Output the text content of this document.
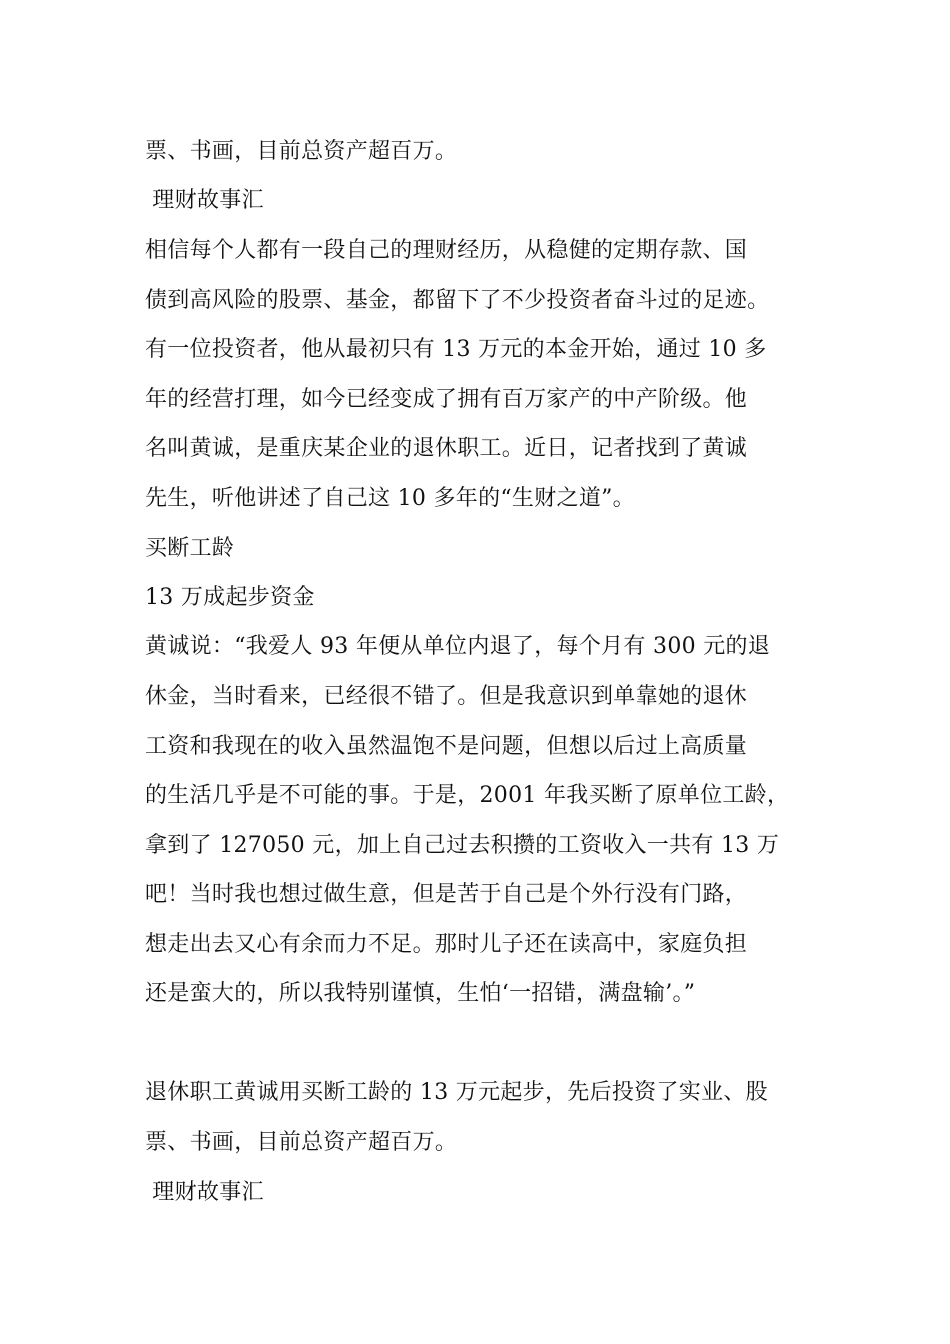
票、书画，目前总资产超百万。
理财故事汇
相信每个人都有一段自己的理财经历，从稳健的定期存款、国
债到高风险的股票、基金，都留下了不少投资者奋斗过的足迹。
有一位投资者，他从最初只有 13 万元的本金开始，通过 10 多
年的经营打理，如今已经变成了拥有百万家产的中产阶级。他
名叫黄诚，是重庆某企业的退休职工。近日，记者找到了黄诚
先生，听他讲述了自己这 10 多年的“生财之道”。
买断工龄
13 万成起步资金
黄诚说：“我爱人 93 年便从单位内退了，每个月有 300 元的退
休金，当时看来，已经很不错了。但是我意识到单靠她的退休
工资和我现在的收入虽然温饱不是问题，但想以后过上高质量
的生活几乎是不可能的事。于是，2001 年我买断了原单位工龄，
拿到了 127050 元，加上自己过去积攒的工资收入一共有 13 万
吧！当时我也想过做生意，但是苦于自己是个外行没有门路，
想走出去又心有余而力不足。那时儿子还在读高中，家庭负担
还是蛮大的，所以我特别谨慎，生怕‘一招错，满盘输’。”
退休职工黄诚用买断工龄的 13 万元起步，先后投资了实业、股
票、书画，目前总资产超百万。
理财故事汇
